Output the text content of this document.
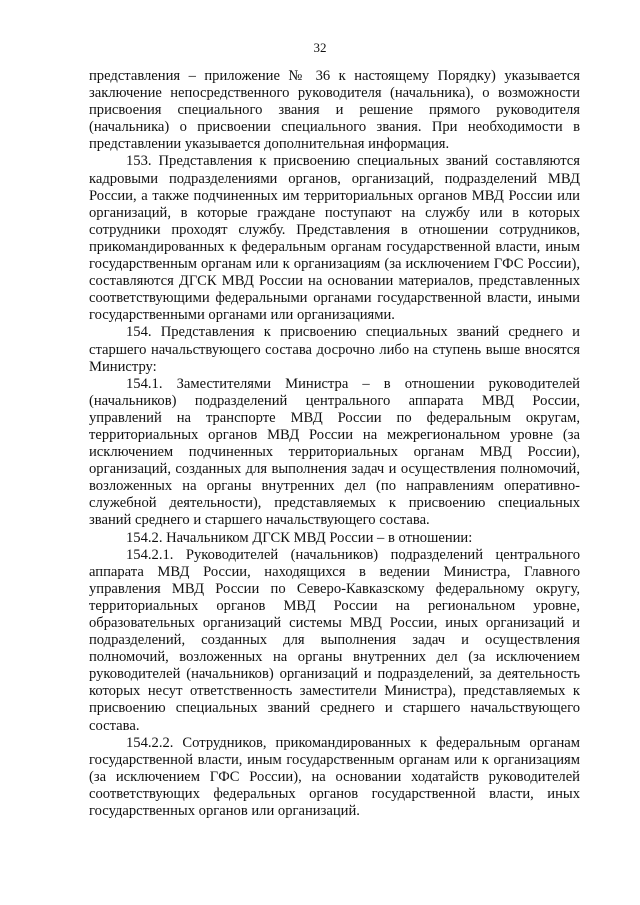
32

представления – приложение № 36 к настоящему Порядку) указывается заключение непосредственного руководителя (начальника), о возможности присвоения специального звания и решение прямого руководителя (начальника) о присвоении специального звания. При необходимости в представлении указывается дополнительная информация.

153. Представления к присвоению специальных званий составляются кадровыми подразделениями органов, организаций, подразделений МВД России, а также подчиненных им территориальных органов МВД России или организаций, в которые граждане поступают на службу или в которых сотрудники проходят службу. Представления в отношении сотрудников, прикомандированных к федеральным органам государственной власти, иным государственным органам или к организациям (за исключением ГФС России), составляются ДГСК МВД России на основании материалов, представленных соответствующими федеральными органами государственной власти, иными государственными органами или организациями.

154. Представления к присвоению специальных званий среднего и старшего начальствующего состава досрочно либо на ступень выше вносятся Министру:

154.1. Заместителями Министра – в отношении руководителей (начальников) подразделений центрального аппарата МВД России, управлений на транспорте МВД России по федеральным округам, территориальных органов МВД России на межрегиональном уровне (за исключением подчиненных территориальных органам МВД России), организаций, созданных для выполнения задач и осуществления полномочий, возложенных на органы внутренних дел (по направлениям оперативно-служебной деятельности), представляемых к присвоению специальных званий среднего и старшего начальствующего состава.

154.2. Начальником ДГСК МВД России – в отношении:

154.2.1. Руководителей (начальников) подразделений центрального аппарата МВД России, находящихся в ведении Министра, Главного управления МВД России по Северо-Кавказскому федеральному округу, территориальных органов МВД России на региональном уровне, образовательных организаций системы МВД России, иных организаций и подразделений, созданных для выполнения задач и осуществления полномочий, возложенных на органы внутренних дел (за исключением руководителей (начальников) организаций и подразделений, за деятельность которых несут ответственность заместители Министра), представляемых к присвоению специальных званий среднего и старшего начальствующего состава.

154.2.2. Сотрудников, прикомандированных к федеральным органам государственной власти, иным государственным органам или к организациям (за исключением ГФС России), на основании ходатайств руководителей соответствующих федеральных органов государственной власти, иных государственных органов или организаций.
